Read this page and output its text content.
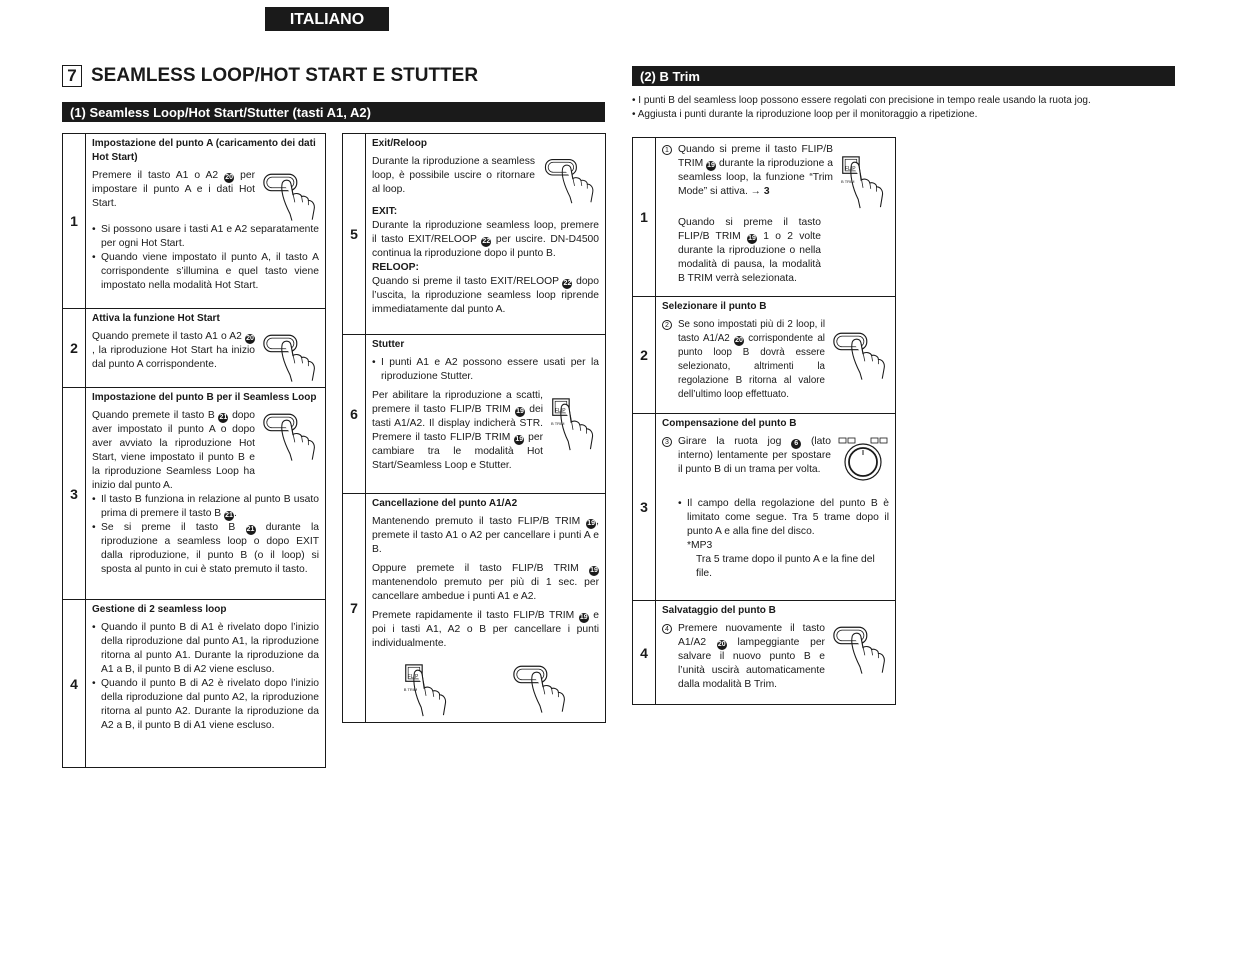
ITALIANO
7 SEAMLESS LOOP/HOT START E STUTTER
(1) Seamless Loop/Hot Start/Stutter (tasti A1, A2)
(2) B Trim
• I punti B del seamless loop possono essere regolati con precisione in tempo reale usando la ruota jog.
• Aggiusta i punti durante la riproduzione loop per il monitoraggio a ripetizione.
1
Impostazione del punto A (caricamento dei dati Hot Start)

Premere il tasto A1 o A2 20 per impostare il punto A e i dati Hot Start.

• Si possono usare i tasti A1 e A2 separatamente per ogni Hot Start.
• Quando viene impostato il punto A, il tasto A corrispondente s’illumina e quel tasto viene impostato nella modalità Hot Start.
2
Attiva la funzione Hot Start

Quando premete il tasto A1 o A2 20, la riproduzione Hot Start ha inizio dal punto A corrispondente.

3
Impostazione del punto B per il Seamless Loop

Quando premete il tasto B 21 dopo aver impostato il punto A o dopo aver avviato la riproduzione Hot Start, viene impostato il punto B e la riproduzione Seamless Loop ha inizio dal punto A.

• Il tasto B funziona in relazione al punto B usato prima di premere il tasto B 21.
• Se si preme il tasto B 21 durante la riproduzione a seamless loop o dopo EXIT dalla riproduzione, il punto B (o il loop) si sposta al punto in cui è stato premuto il tasto.
4
Gestione di 2 seamless loop
• Quando il punto B di A1 è rivelato dopo l’inizio della riproduzione dal punto A1, la riproduzione ritorna al punto A1. Durante la riproduzione da A1 a B, il punto B di A2 viene escluso.
• Quando il punto B di A2 è rivelato dopo l’inizio della riproduzione dal punto A2, la riproduzione ritorna al punto A2. Durante la riproduzione da A2 a B, il punto B di A1 viene escluso.
5
Exit/Reloop

Durante la riproduzione a seamless loop, è possibile uscire o ritornare al loop.

EXIT:

Durante la riproduzione seamless loop, premere il tasto EXIT/RELOOP 22 per uscire. DN-D4500 continua la riproduzione dopo il punto B.

RELOOP:

Quando si preme il tasto EXIT/RELOOP 22 dopo l’uscita, la riproduzione seamless loop riprende immediatamente dal punto A.

6
Stutter
• I punti A1 e A2 possono essere usati per la riproduzione Stutter.

Per abilitare la riproduzione a scatti, premere il tasto FLIP/B TRIM 19 dei tasti A1/A2. Il display indicherà STR. Premere il tasto FLIP/B TRIM 19 per cambiare tra le modalità Hot Start/Seamless Loop e Stutter.

FLIP
B TRIM
7
Cancellazione del punto A1/A2

Mantenendo premuto il tasto FLIP/B TRIM 19, premete il tasto A1 o A2 per cancellare i punti A e B.

Oppure premete il tasto FLIP/B TRIM 19 mantenendolo premuto per più di 1 sec. per cancellare ambedue i punti A1 e A2.

Premete rapidamente il tasto FLIP/B TRIM 19 e poi i tasti A1, A2 o B per cancellare i punti individualmente.

FLIP
B TRIM
1
1 Quando si preme il tasto FLIP/B TRIM 19 durante la riproduzione a seamless loop, la funzione “Trim Mode” si attiva. → 3

FLIP
B TRIM

Quando si preme il tasto FLIP/B TRIM 19 1 o 2 volte durante la riproduzione o nella modalità di pausa, la modalità B TRIM verrà selezionata.

2
Selezionare il punto B
2 Se sono impostati più di 2 loop, il tasto A1/A2 20 corrispondente al punto loop B dovrà essere selezionato, altrimenti la regolazione B ritorna al valore dell’ultimo loop effettuato.

3
Compensazione del punto B
3 Girare la ruota jog 6 (lato interno) lentamente per spostare il punto B di un trama per volta.

• Il campo della regolazione del punto B è limitato come segue. Tra 5 trame dopo il punto A e alla fine del disco.
*MP3
Tra 5 trame dopo il punto A e la fine del file.
4
Salvataggio del punto B
4 Premere nuovamente il tasto A1/A2 20 lampeggiante per salvare il nuovo punto B e l’unità uscirà automaticamente dalla modalità B Trim.
